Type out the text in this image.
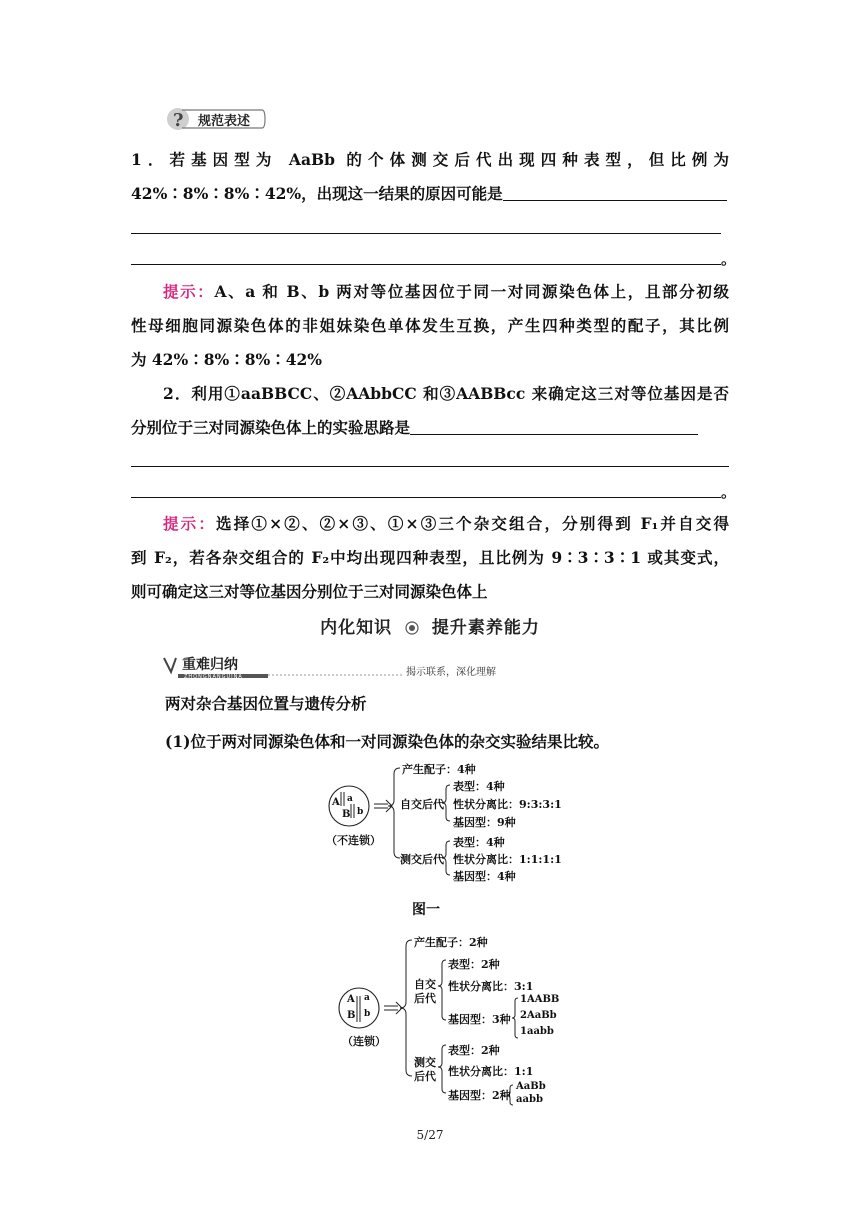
? 规范表述
1．若基因型为 AaBb 的个体测交后代出现四种表型，但比例为
42%∶8%∶8%∶42%，出现这一结果的原因可能是
。
提示：A、a 和 B、b 两对等位基因位于同一对同源染色体上，且部分初级
性母细胞同源染色体的非姐妹染色单体发生互换，产生四种类型的配子，其比例
为 42%∶8%∶8%∶42%
2．利用①aaBBCC、②AAbbCC 和③AABBcc 来确定这三对等位基因是否
分别位于三对同源染色体上的实验思路是
。
提示：选择①×②、②×③、①×③三个杂交组合，分别得到 F₁并自交得
到 F₂，若各杂交组合的 F₂中均出现四种表型，且比例为 9∶3∶3∶1 或其变式，
则可确定这三对等位基因分别位于三对同源染色体上
内化知识 提升素养能力
重难归纳
ZHONGNANGUINA	揭示联系，深化理解
两对杂合基因位置与遗传分析
(1)位于两对同源染色体和一对同源染色体的杂交实验结果比较。
A a
B b
（不连锁）
产生配子：4种
自交后代
表型：4种
性状分离比：9:3:3:1
基因型：9种
测交后代
表型：4种
性状分离比：1:1:1:1
基因型：4种
图一
A a
B b
（连锁）
产生配子：2种
自交
后代
表型：2种
性状分离比：3:1
基因型：3种
1AABB
2AaBb
1aabb
测交
后代
表型：2种
性状分离比：1:1
基因型：2种
AaBb
aabb
5/27
